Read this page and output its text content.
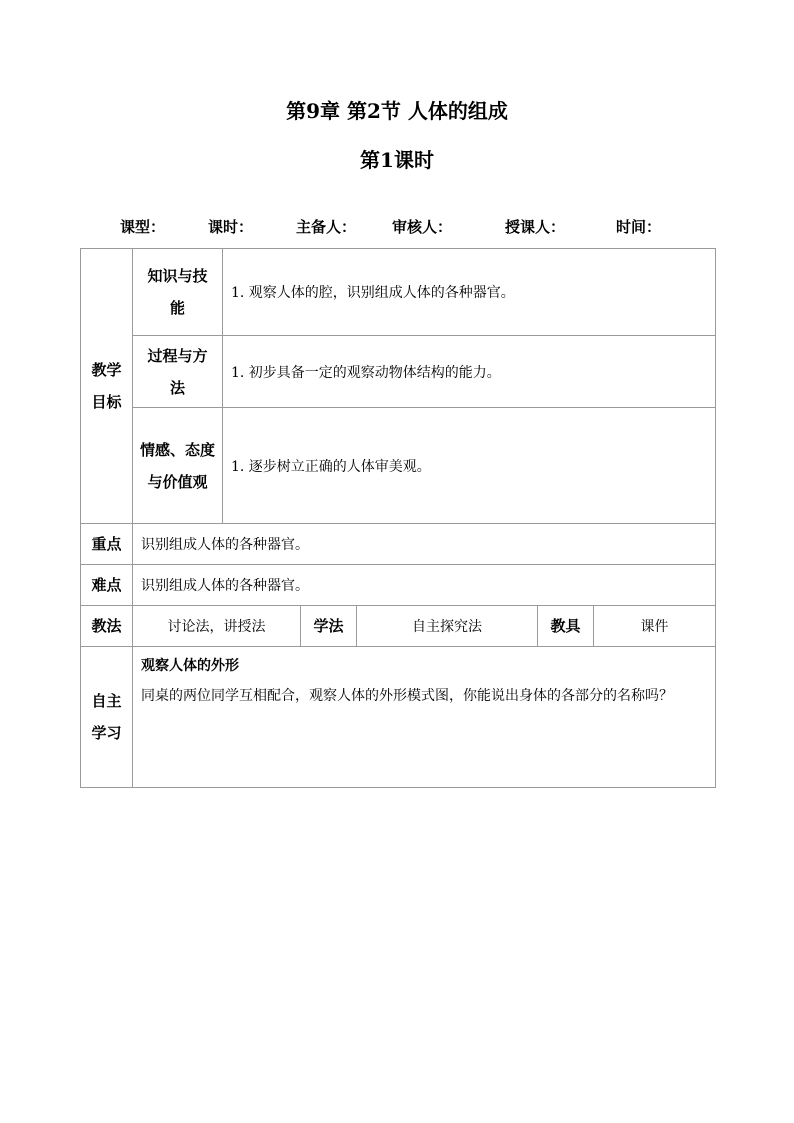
第9章 第2节 人体的组成
第1课时
课型：	课时：	主备人： 审核人：	授课人：	时间：
教学目标	知识与技能	1. 观察人体的腔，识别组成人体的各种器官。				

	过程与方法	1. 初步具备一定的观察动物体结构的能力。				

	情感、态度与价值观	1. 逐步树立正确的人体审美观。				
重点	识别组成人体的各种器官。					
难点	识别组成人体的各种器官。					
教法	讨论法，讲授法		学法	自主探究法	教具	课件

自主学习	观察人体的外形
同桌的两位同学互相配合，观察人体的外形模式图，你能说出身体的各部分的名称吗？					
